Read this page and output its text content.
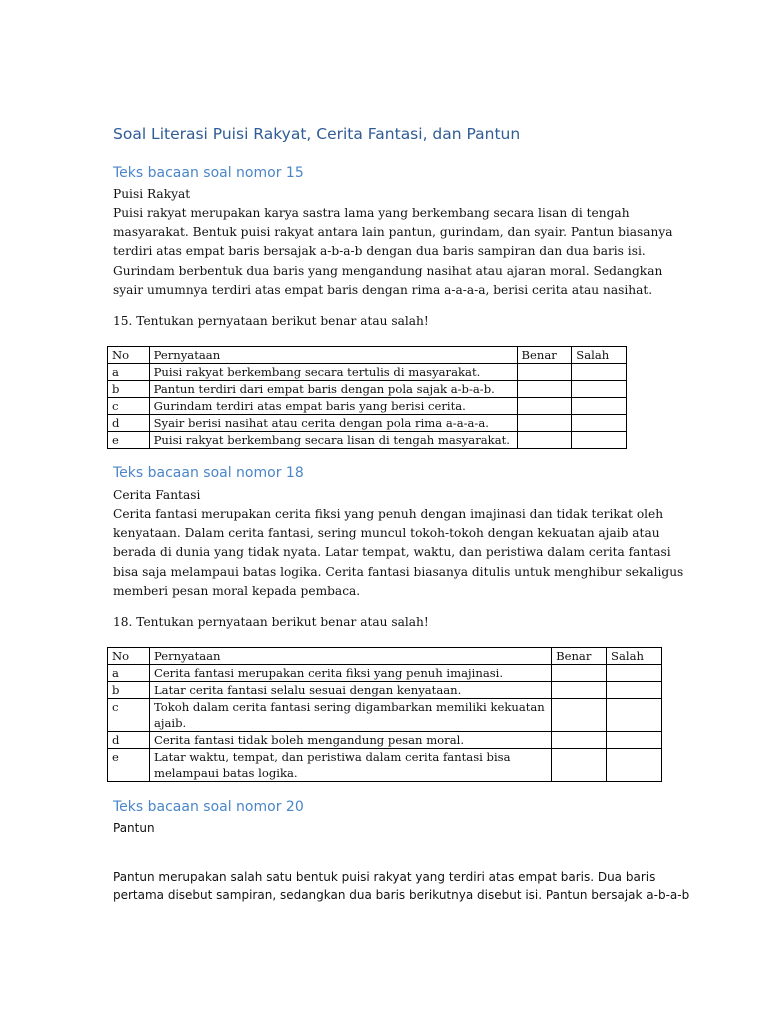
Soal Literasi Puisi Rakyat, Cerita Fantasi, dan Pantun
Teks bacaan soal nomor 15

Puisi Rakyat

Puisi rakyat merupakan karya sastra lama yang berkembang secara lisan di tengah
masyarakat. Bentuk puisi rakyat antara lain pantun, gurindam, dan syair. Pantun biasanya
terdiri atas empat baris bersajak a-b-a-b dengan dua baris sampiran dan dua baris isi.
Gurindam berbentuk dua baris yang mengandung nasihat atau ajaran moral. Sedangkan
syair umumnya terdiri atas empat baris dengan rima a-a-a-a, berisi cerita atau nasihat.

15. Tentukan pernyataan berikut benar atau salah!

No	Pernyataan	Benar	Salah
a	Puisi rakyat berkembang secara tertulis di masyarakat.		
b	Pantun terdiri dari empat baris dengan pola sajak a-b-a-b.		
c	Gurindam terdiri atas empat baris yang berisi cerita.		
d	Syair berisi nasihat atau cerita dengan pola rima a-a-a-a.		
e	Puisi rakyat berkembang secara lisan di tengah masyarakat.		
Teks bacaan soal nomor 18

Cerita Fantasi

Cerita fantasi merupakan cerita fiksi yang penuh dengan imajinasi dan tidak terikat oleh
kenyataan. Dalam cerita fantasi, sering muncul tokoh-tokoh dengan kekuatan ajaib atau
berada di dunia yang tidak nyata. Latar tempat, waktu, dan peristiwa dalam cerita fantasi
bisa saja melampaui batas logika. Cerita fantasi biasanya ditulis untuk menghibur sekaligus
memberi pesan moral kepada pembaca.

18. Tentukan pernyataan berikut benar atau salah!

No	Pernyataan	Benar	Salah
a	Cerita fantasi merupakan cerita fiksi yang penuh imajinasi.		
b	Latar cerita fantasi selalu sesuai dengan kenyataan.		
c	Tokoh dalam cerita fantasi sering digambarkan memiliki kekuatan ajaib.		
d	Cerita fantasi tidak boleh mengandung pesan moral.		
e	Latar waktu, tempat, dan peristiwa dalam cerita fantasi bisa melampaui batas logika.		
Teks bacaan soal nomor 20

Pantun

Pantun merupakan salah satu bentuk puisi rakyat yang terdiri atas empat baris. Dua baris
pertama disebut sampiran, sedangkan dua baris berikutnya disebut isi. Pantun bersajak a-b-a-b
